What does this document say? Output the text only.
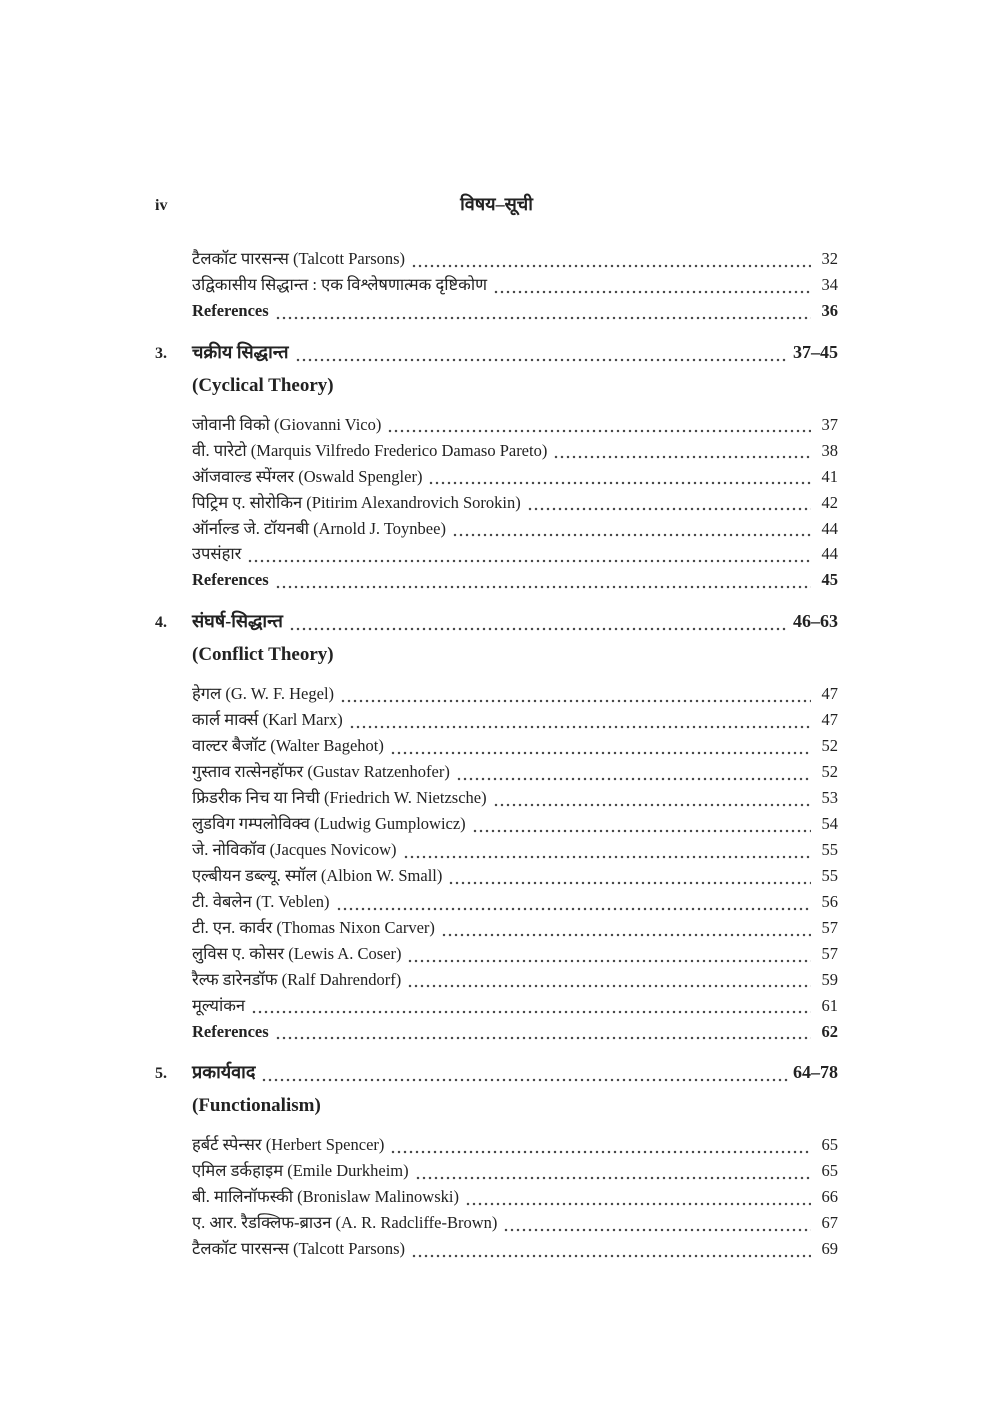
iv	विषय–सूची
टैलकॉट पारसन्स (Talcott Parsons)	32
उद्विकासीय सिद्धान्त : एक विश्लेषणात्मक दृष्टिकोण	34
References	36
3.	चक्रीय सिद्धान्त	37–45
(Cyclical Theory)
जोवानी विको (Giovanni Vico)	37
वी. पारेटो (Marquis Vilfredo Frederico Damaso Pareto)	38
ऑजवाल्ड स्पेंग्लर (Oswald Spengler)	41
पिट्रिम ए. सोरोकिन (Pitirim Alexandrovich Sorokin)	42
ऑर्नाल्ड जे. टॉयनबी (Arnold J. Toynbee)	44
उपसंहार	44
References	45
4.	संघर्ष-सिद्धान्त	46–63
(Conflict Theory)
हेगल (G. W. F. Hegel)	47
कार्ल मार्क्स (Karl Marx)	47
वाल्टर बैजॉट (Walter Bagehot)	52
गुस्ताव रात्सेनहॉफर (Gustav Ratzenhofer)	52
फ्रिडरीक निच या निची (Friedrich W. Nietzsche)	53
लुडविग गम्पलोविक्व (Ludwig Gumplowicz)	54
जे. नोविकॉव (Jacques Novicow)	55
एल्बीयन डब्ल्यू. स्मॉल (Albion W. Small)	55
टी. वेबलेन (T. Veblen)	56
टी. एन. कार्वर (Thomas Nixon Carver)	57
लुविस ए. कोसर (Lewis A. Coser)	57
रैल्फ डारेनडॉफ (Ralf Dahrendorf)	59
मूल्यांकन	61
References	62
5.	प्रकार्यवाद	64–78
(Functionalism)
हर्बर्ट स्पेन्सर (Herbert Spencer)	65
एमिल डर्कहाइम (Emile Durkheim)	65
बी. मालिनॉफस्की (Bronislaw Malinowski)	66
ए. आर. रैडक्लिफ-ब्राउन (A. R. Radcliffe-Brown)	67
टैलकॉट पारसन्स (Talcott Parsons)	69
